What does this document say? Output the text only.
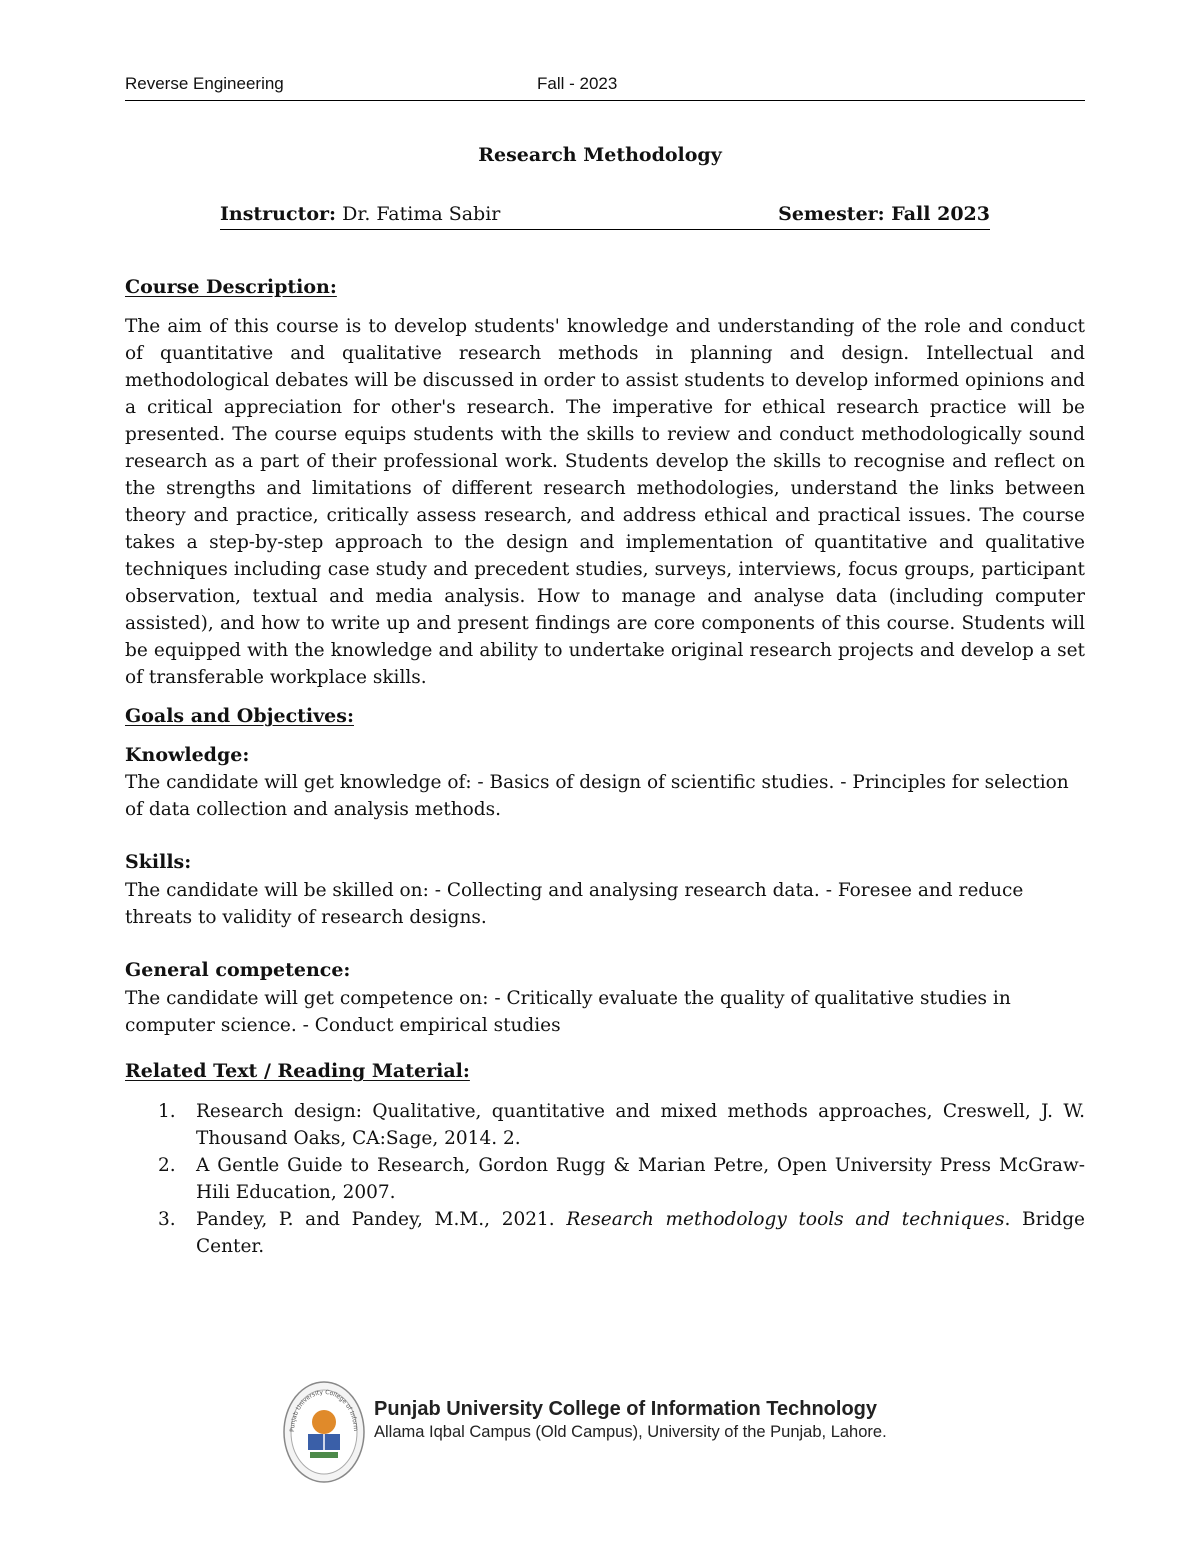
Reverse Engineering	Fall - 2023
Research Methodology
Instructor: Dr. Fatima Sabir	Semester: Fall 2023
Course Description:

The aim of this course is to develop students' knowledge and understanding of the role and conduct of quantitative and qualitative research methods in planning and design. Intellectual and methodological debates will be discussed in order to assist students to develop informed opinions and a critical appreciation for other's research. The imperative for ethical research practice will be presented. The course equips students with the skills to review and conduct methodologically sound research as a part of their professional work. Students develop the skills to recognise and reflect on the strengths and limitations of different research methodologies, understand the links between theory and practice, critically assess research, and address ethical and practical issues. The course takes a step-by-step approach to the design and implementation of quantitative and qualitative techniques including case study and precedent studies, surveys, interviews, focus groups, participant observation, textual and media analysis. How to manage and analyse data (including computer assisted), and how to write up and present findings are core components of this course. Students will be equipped with the knowledge and ability to undertake original research projects and develop a set of transferable workplace skills.

Goals and Objectives:
Knowledge:

The candidate will get knowledge of: - Basics of design of scientific studies. - Principles for selection of data collection and analysis methods.

Skills:

The candidate will be skilled on: - Collecting and analysing research data. - Foresee and reduce threats to validity of research designs.

General competence:

The candidate will get competence on: - Critically evaluate the quality of qualitative studies in computer science. - Conduct empirical studies

Related Text / Reading Material:
1. Research design: Qualitative, quantitative and mixed methods approaches, Creswell, J. W. Thousand Oaks, CA:Sage, 2014. 2.
2. A Gentle Guide to Research, Gordon Rugg & Marian Petre, Open University Press McGraw-Hili Education, 2007.
3. Pandey, P. and Pandey, M.M., 2021. Research methodology tools and techniques. Bridge Center.
Punjab University College of Inform
Punjab University College of Information Technology
Allama Iqbal Campus (Old Campus), University of the Punjab, Lahore.
